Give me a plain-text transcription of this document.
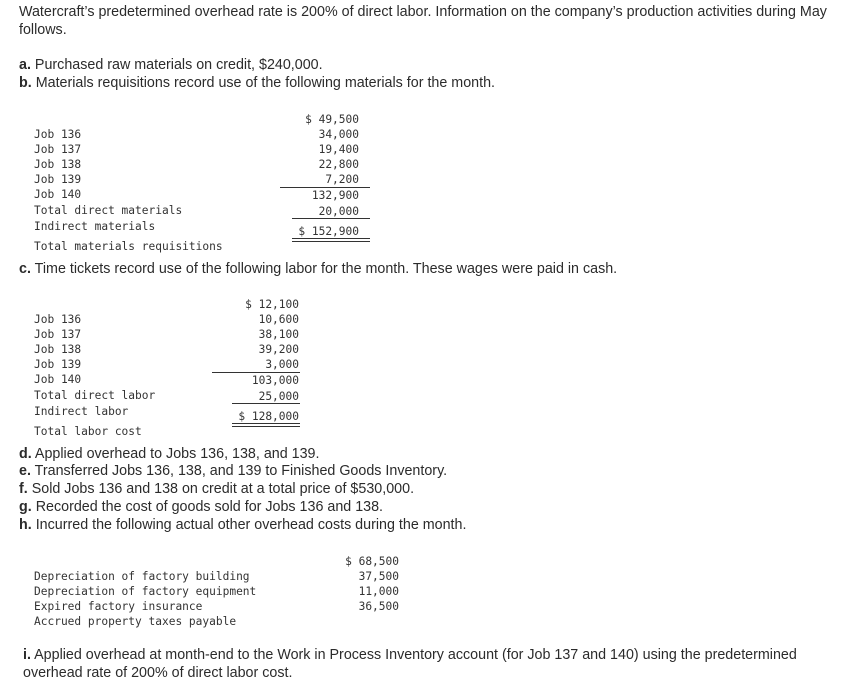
Watercraft’s predetermined overhead rate is 200% of direct labor. Information on the company’s production activities during May follows.

a. Purchased raw materials on credit, $240,000.
b. Materials requisitions record use of the following materials for the month.

Job 136

$ 49,500

Job 137

34,000

Job 138

19,400

Job 139

22,800

Job 140

7,200

Total direct materials

132,900

Indirect materials

20,000

Total materials requisitions

$ 152,900
c. Time tickets record use of the following labor for the month. These wages were paid in cash.

Job 136

$ 12,100

Job 137

10,600

Job 138

38,100

Job 139

39,200

Job 140

3,000

Total direct labor

103,000

Indirect labor

25,000

Total labor cost

$ 128,000
d. Applied overhead to Jobs 136, 138, and 139.
e. Transferred Jobs 136, 138, and 139 to Finished Goods Inventory.
f. Sold Jobs 136 and 138 on credit at a total price of $530,000.
g. Recorded the cost of goods sold for Jobs 136 and 138.
h. Incurred the following actual other overhead costs during the month.

Depreciation of factory building

$ 68,500

Depreciation of factory equipment

37,500

Expired factory insurance

11,000

Accrued property taxes payable

36,500
i. Applied overhead at month-end to the Work in Process Inventory account (for Job 137 and 140) using the predetermined overhead rate of 200% of direct labor cost.
